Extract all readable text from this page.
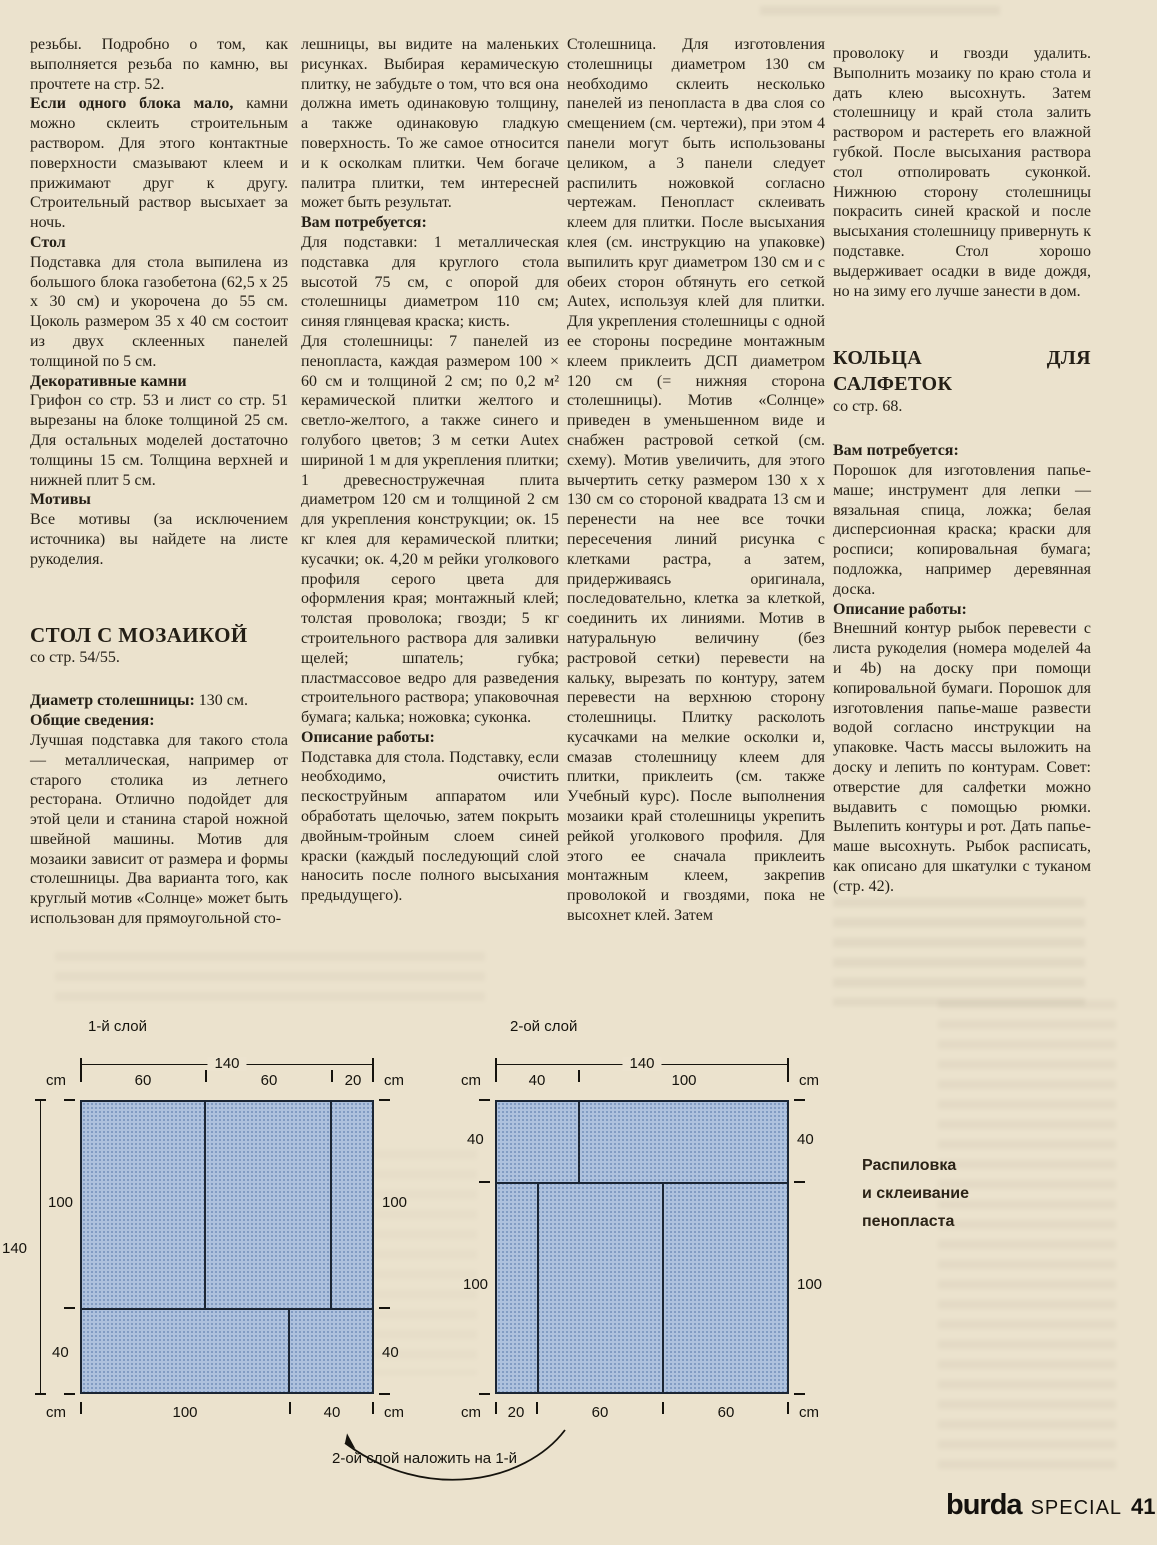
резьбы. Подробно о том, как выполняется резьба по камню, вы прочтете на стр. 52.

Если одного блока мало, камни можно склеить строительным раствором. Для этого контактные поверхности смазывают клеем и прижимают друг к другу. Строительный раствор высыхает за ночь.

Стол

Подставка для стола выпилена из большого блока газобетона (62,5 x 25 x 30 см) и укорочена до 55 см. Цоколь размером 35 x 40 см состоит из двух склеенных панелей толщиной по 5 см.

Декоративные камни

Грифон со стр. 53 и лист со стр. 51 вырезаны на блоке толщиной 25 см. Для остальных моделей достаточно толщины 15 см. Толщина верхней и нижней плит 5 см.

Мотивы

Все мотивы (за исключением источника) вы найдете на листе рукоделия.

СТОЛ С МОЗАИКОЙ

со стр. 54/55.

Диаметр столешницы: 130 см.

Общие сведения:

Лучшая подставка для такого стола — металлическая, например от старого столика из летнего ресторана. Отлично подойдет для этой цели и станина старой ножной швейной машины. Мотив для мозаики зависит от размера и формы столешницы. Два варианта того, как круглый мотив «Солнце» может быть использован для прямоугольной сто-

лешницы, вы видите на маленьких рисунках. Выбирая керамическую плитку, не забудьте о том, что вся она должна иметь одинаковую толщину, а также одинаковую гладкую поверхность. То же самое относится и к осколкам плитки. Чем богаче палитра плитки, тем интересней может быть результат.

Вам потребуется:

Для подставки: 1 металлическая подставка для круглого стола высотой 75 см, с опорой для столешницы диаметром 110 см; синяя глянцевая краска; кисть.

Для столешницы: 7 панелей из пенопласта, каждая размером 100 × 60 см и толщиной 2 см; по 0,2 м² керамической плитки желтого и светло-желтого, а также синего и голубого цветов; 3 м сетки Autex шириной 1 м для укрепления плитки; 1 древесностружечная плита диаметром 120 см и толщиной 2 см для укрепления конструкции; ок. 15 кг клея для керамической плитки; кусачки; ок. 4,20 м рейки уголкового профиля серого цвета для оформления края; монтажный клей; толстая проволока; гвозди; 5 кг строительного раствора для заливки щелей; шпатель; губка; пластмассовое ведро для разведения строительного раствора; упаковочная бумага; калька; ножовка; суконка.

Описание работы:

Подставка для стола. Подставку, если необходимо, очистить пескоструйным аппаратом или обработать щелочью, затем покрыть двойным-тройным слоем синей краски (каждый последующий слой наносить после полного высыхания предыдущего).

Столешница. Для изготовления столешницы диаметром 130 см необходимо склеить несколько панелей из пенопласта в два слоя со смещением (см. чертежи), при этом 4 панели могут быть использованы целиком, а 3 панели следует распилить ножовкой согласно чертежам. Пенопласт склеивать клеем для плитки. После высыхания клея (см. инструкцию на упаковке) выпилить круг диаметром 130 см и с обеих сторон обтянуть его сеткой Autex, используя клей для плитки. Для укрепления столешницы с одной ее стороны посредине монтажным клеем приклеить ДСП диаметром 120 см (= нижняя сторона столешницы). Мотив «Солнце» приведен в уменьшенном виде и снабжен растровой сеткой (см. схему). Мотив увеличить, для этого вычертить сетку размером 130 х х 130 см со стороной квадрата 13 см и перенести на нее все точки пересечения линий рисунка с клетками растра, а затем, придерживаясь оригинала, последовательно, клетка за клеткой, соединить их линиями. Мотив в натуральную величину (без растровой сетки) перевести на кальку, вырезать по контуру, затем перевести на верхнюю сторону столешницы. Плитку расколоть кусачками на мелкие осколки и, смазав столешницу клеем для плитки, приклеить (см. также Учебный курс). После выполнения мозаики край столешницы укрепить рейкой уголкового профиля. Для этого ее сначала приклеить монтажным клеем, закрепив проволокой и гвоздями, пока не высохнет клей. Затем

проволоку и гвозди удалить. Выполнить мозаику по краю стола и дать клею высохнуть. Затем столешницу и край стола залить раствором и растереть его влажной губкой. После высыхания раствора стол отполировать суконкой. Нижнюю сторону столешницы покрасить синей краской и после высыхания столешницу привернуть к подставке. Стол хорошо выдерживает осадки в виде дождя, но на зиму его лучше занести в дом.

КОЛЬЦА ДЛЯ САЛФЕТОК

со стр. 68.

Вам потребуется:

Порошок для изготовления папье-маше; инструмент для лепки — вязальная спица, ложка; белая дисперсионная краска; краски для росписи; копировальная бумага; подложка, например деревянная доска.

Описание работы:

Внешний контур рыбок перевести с листа рукоделия (номера моделей 4a и 4b) на доску при помощи копировальной бумаги. Порошок для изготовления папье-маше развести водой согласно инструкции на упаковке. Часть массы выложить на доску и лепить по контурам. Совет: отверстие для салфетки можно выдавить с помощью рюмки. Вылепить контуры и рот. Дать папье-маше высохнуть. Рыбок расписать, как описано для шкатулки с туканом (стр. 42).

1-й слой
140
cm	60	60	20 cm
140
100	100
40	40
cm	100	40	cm
2-ой слой
140
cm	40	100	cm
40	40
100	100
cm 20	60	60	cm
Распиловка
и склеивание
пенопласта
2-ой слой наложить на 1-й
burda SPECIAL 41
